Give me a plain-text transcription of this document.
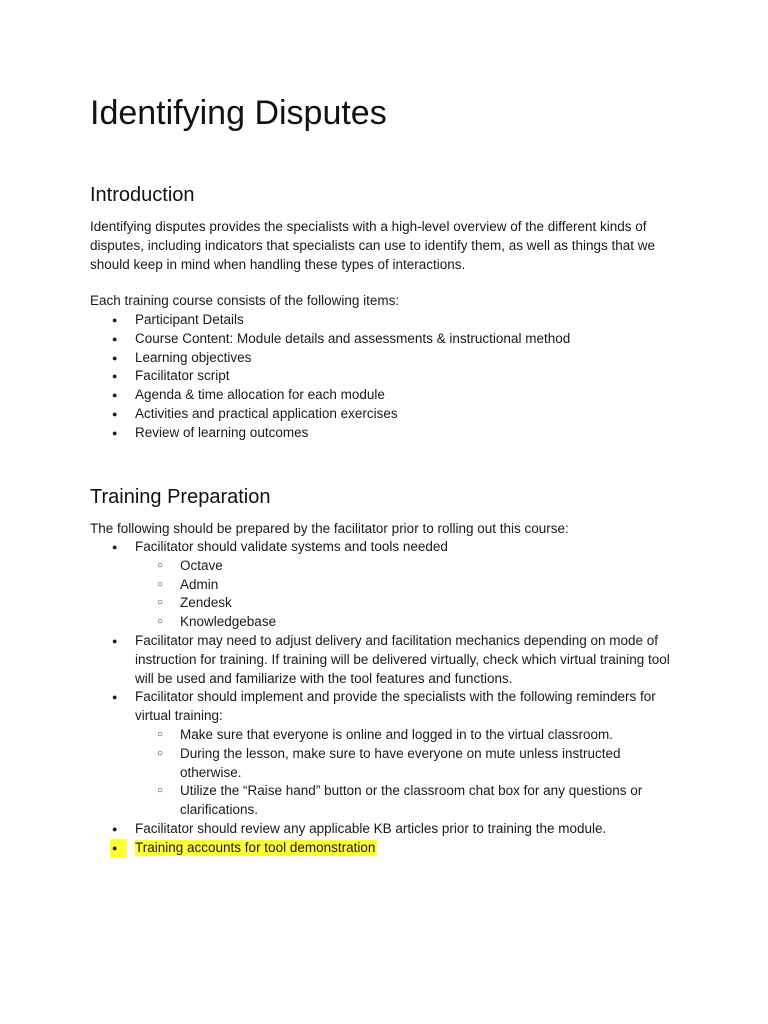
Identifying Disputes
Introduction

Identifying disputes provides the specialists with a high-level overview of the different kinds of disputes, including indicators that specialists can use to identify them, as well as things that we should keep in mind when handling these types of interactions.

Each training course consists of the following items:

● Participant Details
● Course Content: Module details and assessments & instructional method
● Learning objectives
● Facilitator script
● Agenda & time allocation for each module
● Activities and practical application exercises
● Review of learning outcomes
Training Preparation

The following should be prepared by the facilitator prior to rolling out this course:

● Facilitator should validate systems and tools needed
○ Octave
○ Admin
○ Zendesk
○ Knowledgebase
● Facilitator may need to adjust delivery and facilitation mechanics depending on mode of instruction for training. If training will be delivered virtually, check which virtual training tool will be used and familiarize with the tool features and functions.
● Facilitator should implement and provide the specialists with the following reminders for virtual training:
○ Make sure that everyone is online and logged in to the virtual classroom.
○ During the lesson, make sure to have everyone on mute unless instructed otherwise.
○ Utilize the “Raise hand” button or the classroom chat box for any questions or clarifications.
● Facilitator should review any applicable KB articles prior to training the module.
● Training accounts for tool demonstration
